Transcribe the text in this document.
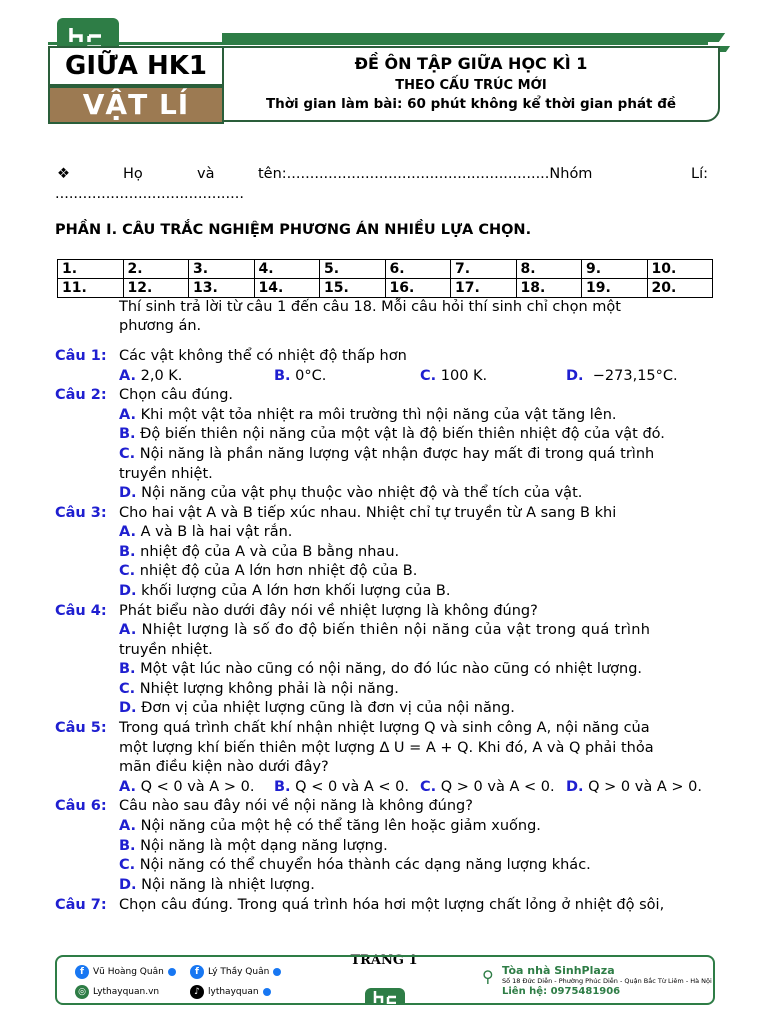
GIỮA HK1
VẬT LÍ
ĐỀ ÔN TẬP GIỮA HỌC KÌ 1
THEO CẤU TRÚC MỚI
Thời gian làm bài: 60 phút không kể thời gian phát đề
❖	Họ	và	tên:.........................................................Nhóm	Lí:
.........................................
PHẦN I. CÂU TRẮC NGHIỆM PHƯƠNG ÁN NHIỀU LỰA CHỌN.
1.	2.	3.	4.	5.	6.	7.	8.	9.	10.
11.	12.	13.	14.	15.	16.	17.	18.	19.	20.
Thí sinh trả lời từ câu 1 đến câu 18. Mỗi câu hỏi thí sinh chỉ chọn một
phương án.
Câu 1: Các vật không thể có nhiệt độ thấp hơn
A. 2,0 K.	B. 0°C.	C. 100 K.	D. −273,15°C.
Câu 2: Chọn câu đúng.
A. Khi một vật tỏa nhiệt ra môi trường thì nội năng của vật tăng lên.
B. Độ biến thiên nội năng của một vật là độ biến thiên nhiệt độ của vật đó.
C. Nội năng là phần năng lượng vật nhận được hay mất đi trong quá trình
truyền nhiệt.
D. Nội năng của vật phụ thuộc vào nhiệt độ và thể tích của vật.
Câu 3: Cho hai vật A và B tiếp xúc nhau. Nhiệt chỉ tự truyền từ A sang B khi
A. A và B là hai vật rắn.
B. nhiệt độ của A và của B bằng nhau.
C. nhiệt độ của A lớn hơn nhiệt độ của B.
D. khối lượng của A lớn hơn khối lượng của B.
Câu 4: Phát biểu nào dưới đây nói về nhiệt lượng là không đúng?
A. Nhiệt lượng là số đo độ biến thiên nội năng của vật trong quá trình
truyền nhiệt.
B. Một vật lúc nào cũng có nội năng, do đó lúc nào cũng có nhiệt lượng.
C. Nhiệt lượng không phải là nội năng.
D. Đơn vị của nhiệt lượng cũng là đơn vị của nội năng.
Câu 5: Trong quá trình chất khí nhận nhiệt lượng Q và sinh công A, nội năng của
một lượng khí biến thiên một lượng ∆ U = A + Q. Khi đó, A và Q phải thỏa
mãn điều kiện nào dưới đây?
A. Q < 0 và A > 0. B. Q < 0 và A < 0. C. Q > 0 và A < 0. D. Q > 0 và A > 0.
Câu 6: Câu nào sau đây nói về nội năng là không đúng?
A. Nội năng của một hệ có thể tăng lên hoặc giảm xuống.
B. Nội năng là một dạng năng lượng.
C. Nội năng có thể chuyển hóa thành các dạng năng lượng khác.
D. Nội năng là nhiệt lượng.
Câu 7: Chọn câu đúng. Trong quá trình hóa hơi một lượng chất lỏng ở nhiệt độ sôi,
TRANG 1
f	Vũ Hoàng Quân	f	Lý Thầy Quân
◎ Lythayquan.vn	♪ lythayquan
⚲ Tòa nhà SinhPlaza
Số 18 Đức Diễn - Phường Phúc Diễn - Quận Bắc Từ Liêm - Hà Nội
Liên hệ: 0975481906
